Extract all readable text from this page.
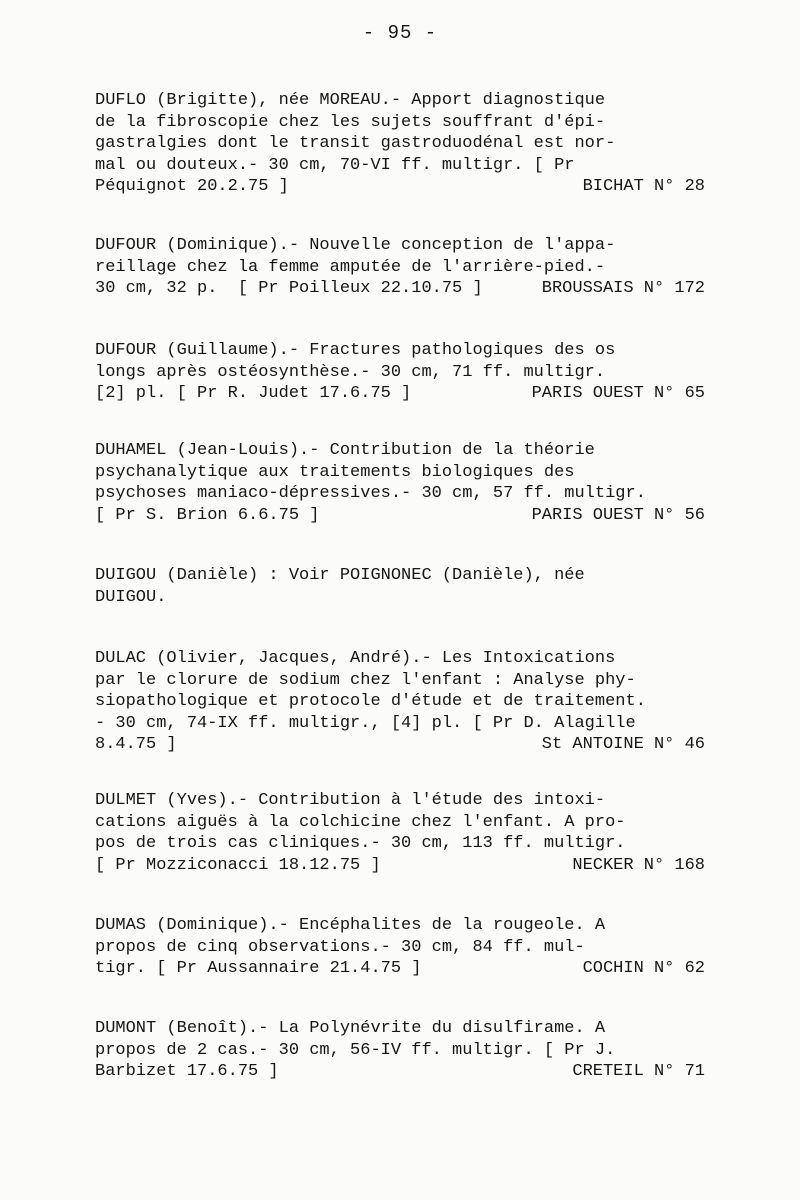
- 95 -
DUFLO (Brigitte), née MOREAU.- Apport diagnostique
de la fibroscopie chez les sujets souffrant d'épi-
gastralgies dont le transit gastroduodénal est nor-
mal ou douteux.- 30 cm, 70-VI ff. multigr. [ Pr
Péquignot 20.2.75 ]	BICHAT N° 28
DUFOUR (Dominique).- Nouvelle conception de l'appa-
reillage chez la femme amputée de l'arrière-pied.-
30 cm, 32 p.  [ Pr Poilleux 22.10.75 ]	BROUSSAIS N° 172
DUFOUR (Guillaume).- Fractures pathologiques des os
longs après ostéosynthèse.- 30 cm, 71 ff. multigr.
[2] pl. [ Pr R. Judet 17.6.75 ]	PARIS OUEST N° 65
DUHAMEL (Jean-Louis).- Contribution de la théorie
psychanalytique aux traitements biologiques des
psychoses maniaco-dépressives.- 30 cm, 57 ff. multigr.
[ Pr S. Brion 6.6.75 ]	PARIS OUEST N° 56
DUIGOU (Danièle) : Voir POIGNONEC (Danièle), née
DUIGOU.
DULAC (Olivier, Jacques, André).- Les Intoxications
par le clorure de sodium chez l'enfant : Analyse phy-
siopathologique et protocole d'étude et de traitement.
- 30 cm, 74-IX ff. multigr., [4] pl. [ Pr D. Alagille
8.4.75 ]	St ANTOINE N° 46
DULMET (Yves).- Contribution à l'étude des intoxi-
cations aiguës à la colchicine chez l'enfant. A pro-
pos de trois cas cliniques.- 30 cm, 113 ff. multigr.
[ Pr Mozziconacci 18.12.75 ]	NECKER N° 168
DUMAS (Dominique).- Encéphalites de la rougeole. A
propos de cinq observations.- 30 cm, 84 ff. mul-
tigr. [ Pr Aussannaire 21.4.75 ]	COCHIN N° 62
DUMONT (Benoît).- La Polynévrite du disulfirame. A
propos de 2 cas.- 30 cm, 56-IV ff. multigr. [ Pr J.
Barbizet 17.6.75 ]	CRETEIL N° 71
